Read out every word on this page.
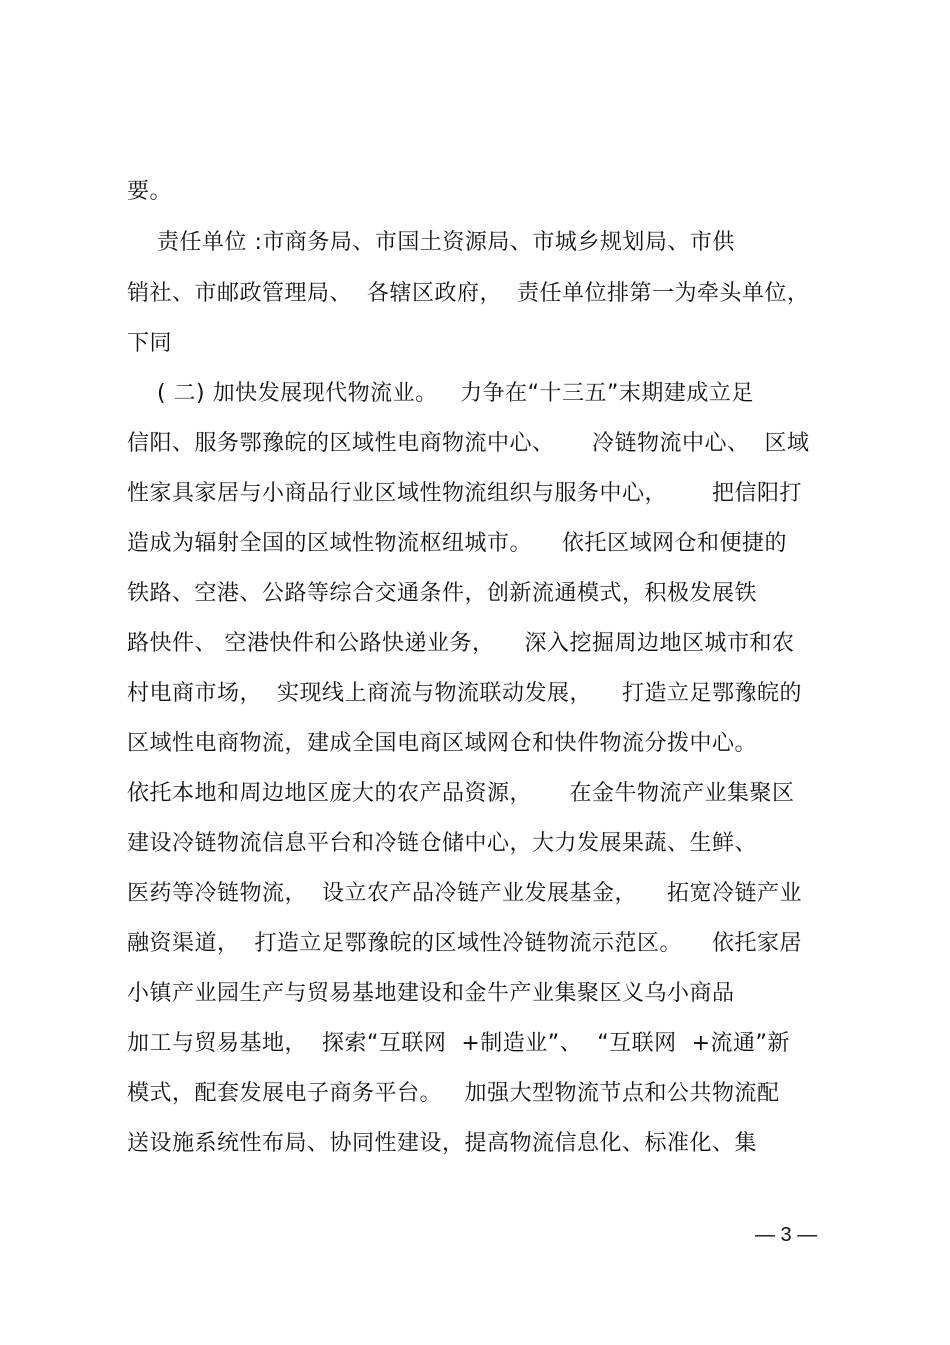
要。
责任单位 :市商务局、市国土资源局、市城乡规划局、市供
销社、市邮政管理局、  各辖区政府，  责任单位排第一为牵头单位，
下同
( 二) 加快发展现代物流业。   力争在“十三五”末期建成立足
信阳、服务鄂豫皖的区域性电商物流中心、     冷链物流中心、  区域
性家具家居与小商品行业区域性物流组织与服务中心，      把信阳打
造成为辐射全国的区域性物流枢纽城市。    依托区域网仓和便捷的
铁路、空港、公路等综合交通条件，创新流通模式，积极发展铁
路快件、 空港快件和公路快递业务，    深入挖掘周边地区城市和农
村电商市场，  实现线上商流与物流联动发展，    打造立足鄂豫皖的
区域性电商物流，建成全国电商区域网仓和快件物流分拨中心。
依托本地和周边地区庞大的农产品资源，     在金牛物流产业集聚区
建设冷链物流信息平台和冷链仓储中心，大力发展果蔬、生鲜、
医药等冷链物流，  设立农产品冷链产业发展基金，    拓宽冷链产业
融资渠道，  打造立足鄂豫皖的区域性冷链物流示范区。    依托家居
小镇产业园生产与贸易基地建设和金牛产业集聚区义乌小商品
加工与贸易基地，  探索“互联网  +制造业”、  “互联网  +流通”新
模式，配套发展电子商务平台。   加强大型物流节点和公共物流配
送设施系统性布局、协同性建设，提高物流信息化、标准化、集
— 3 —
